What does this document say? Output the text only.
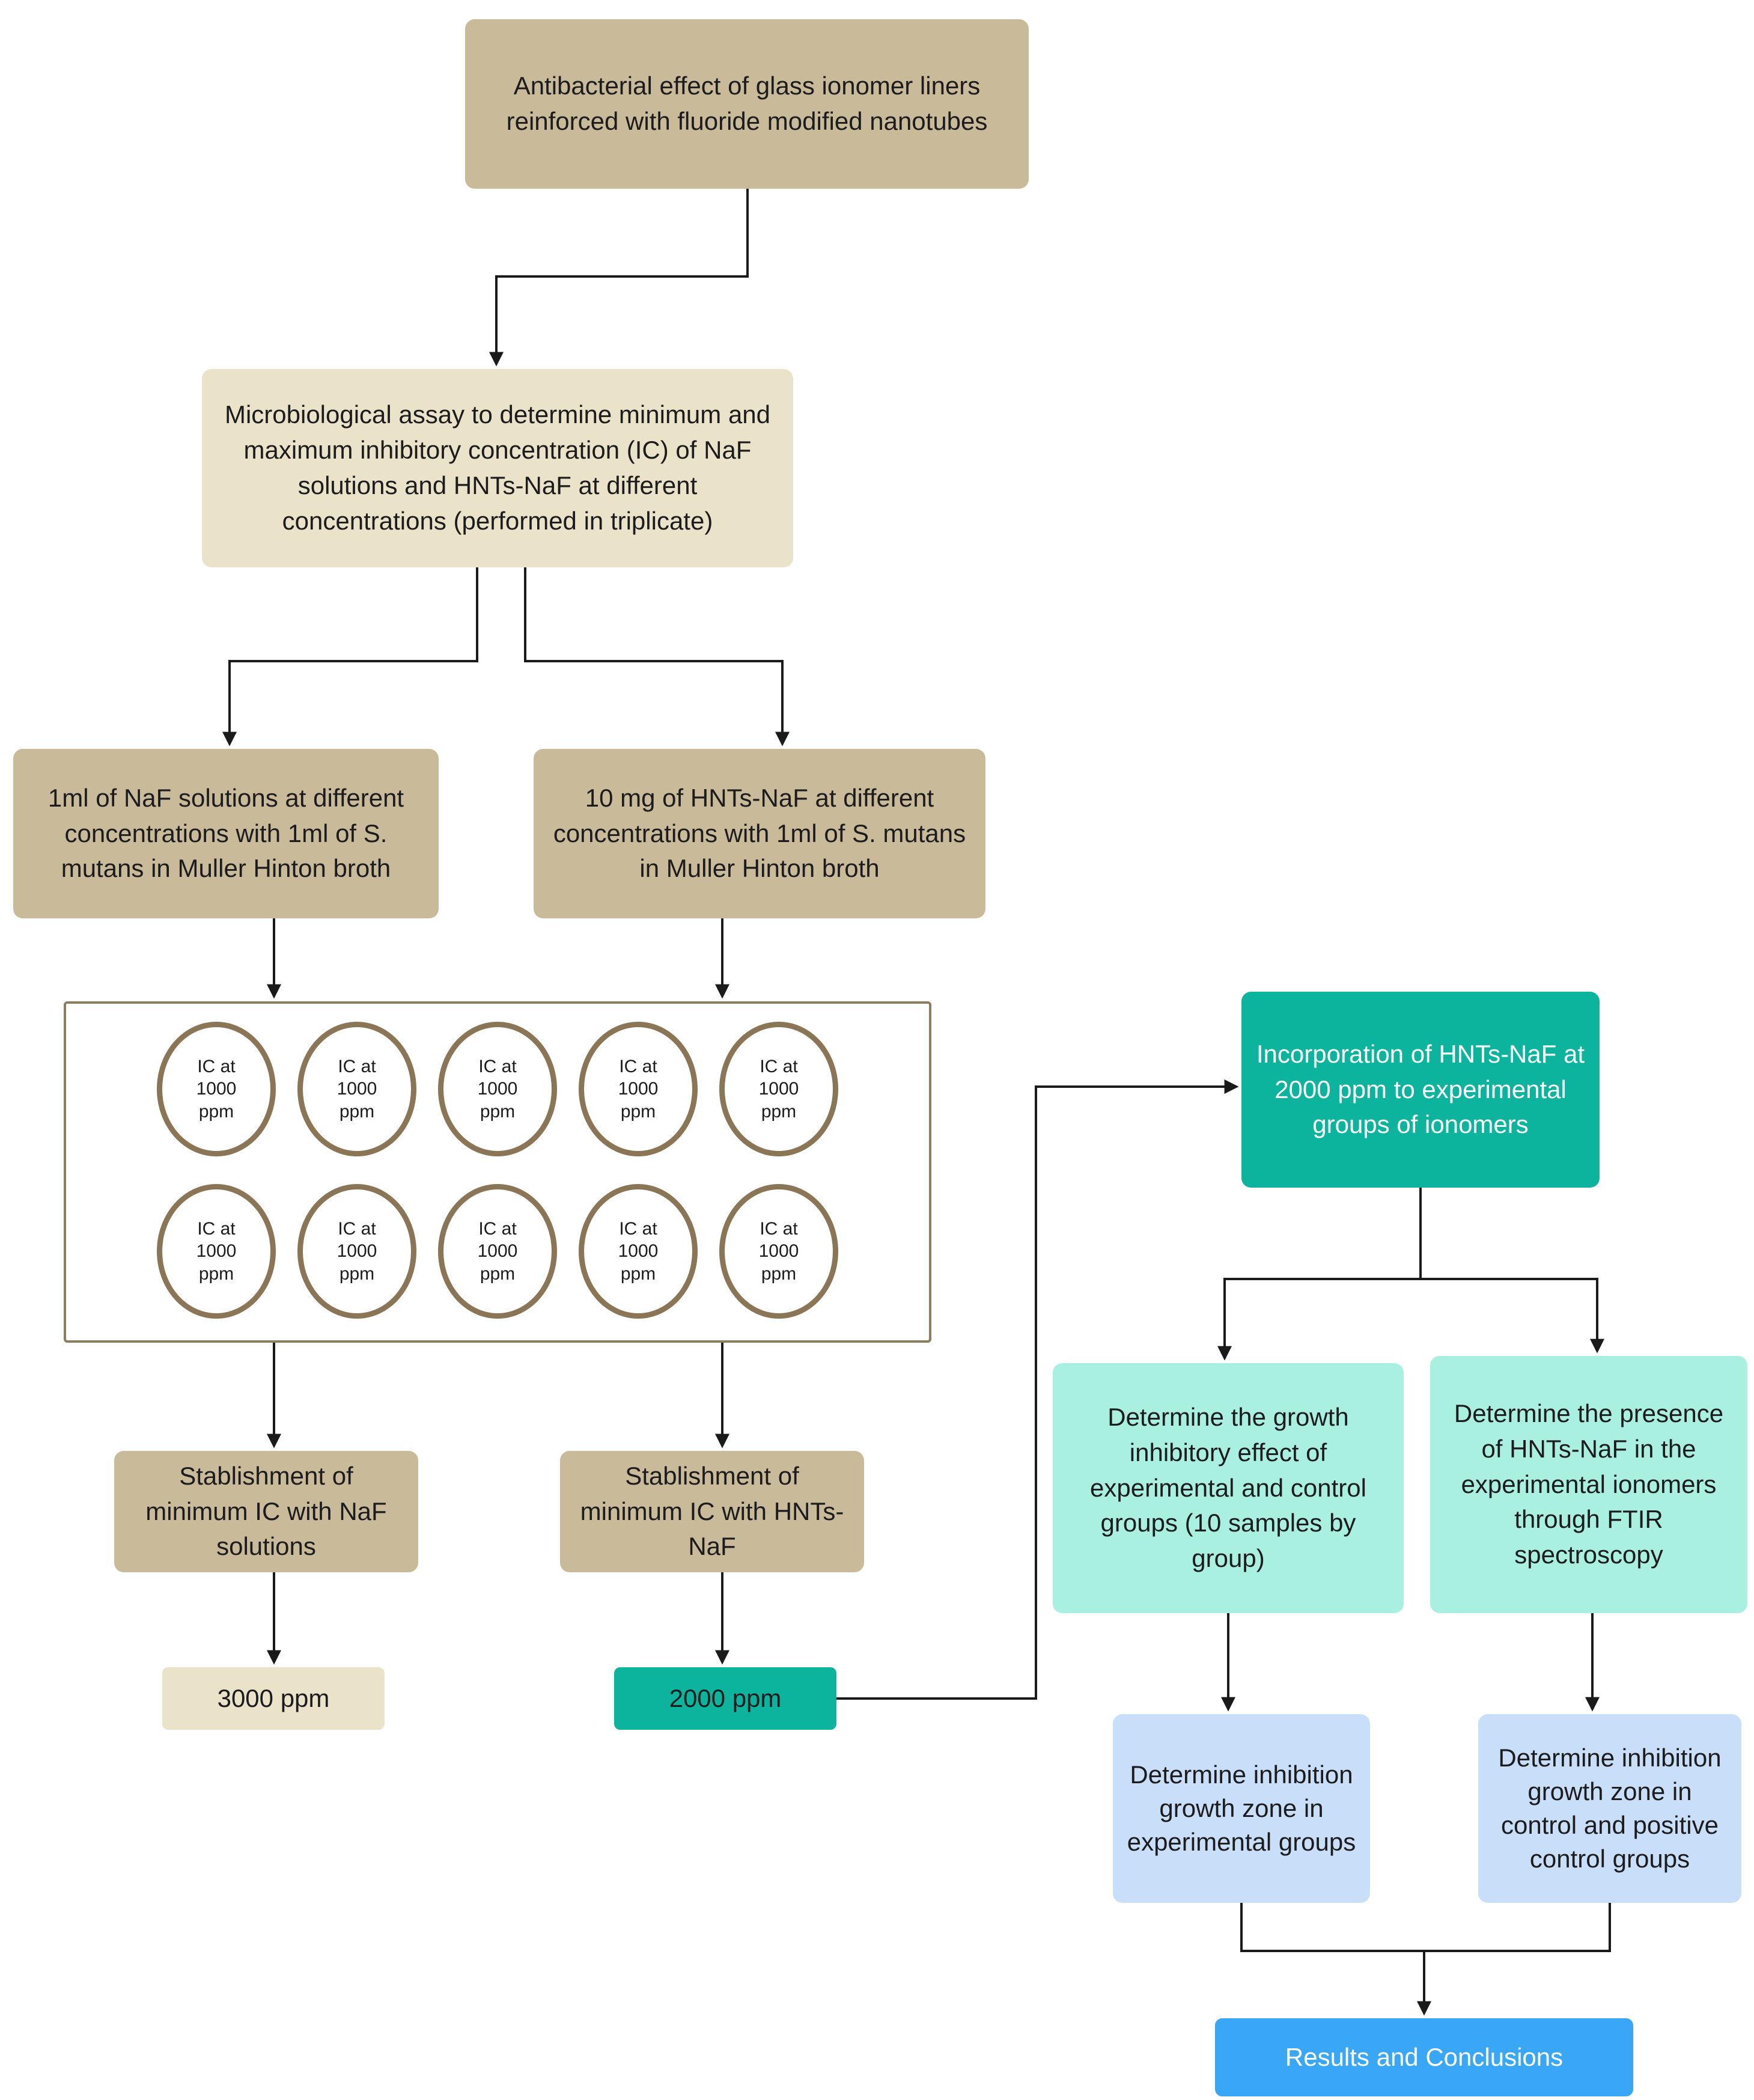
Antibacterial effect of glass ionomer liners reinforced with fluoride modified nanotubes
Microbiological assay to determine minimum and maximum inhibitory concentration (IC) of NaF solutions and HNTs-NaF at different concentrations (performed in triplicate)
1ml of NaF solutions at different concentrations with 1ml of S. mutans in Muller Hinton broth
10 mg of HNTs-NaF at different concentrations with 1ml of S. mutans in Muller Hinton broth
IC at 1000 ppm
IC at 1000 ppm
IC at 1000 ppm
IC at 1000 ppm
IC at 1000 ppm
IC at 1000 ppm
IC at 1000 ppm
IC at 1000 ppm
IC at 1000 ppm
IC at 1000 ppm
Stablishment of minimum IC with NaF solutions
Stablishment of minimum IC with HNTs-NaF
3000 ppm	2000 ppm
Incorporation of HNTs-NaF at 2000 ppm to experimental groups of ionomers
Determine the growth inhibitory effect of experimental and control groups (10 samples by group)
Determine the presence of HNTs-NaF in the experimental ionomers through FTIR spectroscopy
Determine inhibition growth zone in experimental groups
Determine inhibition growth zone in control and positive control groups
Results and Conclusions
